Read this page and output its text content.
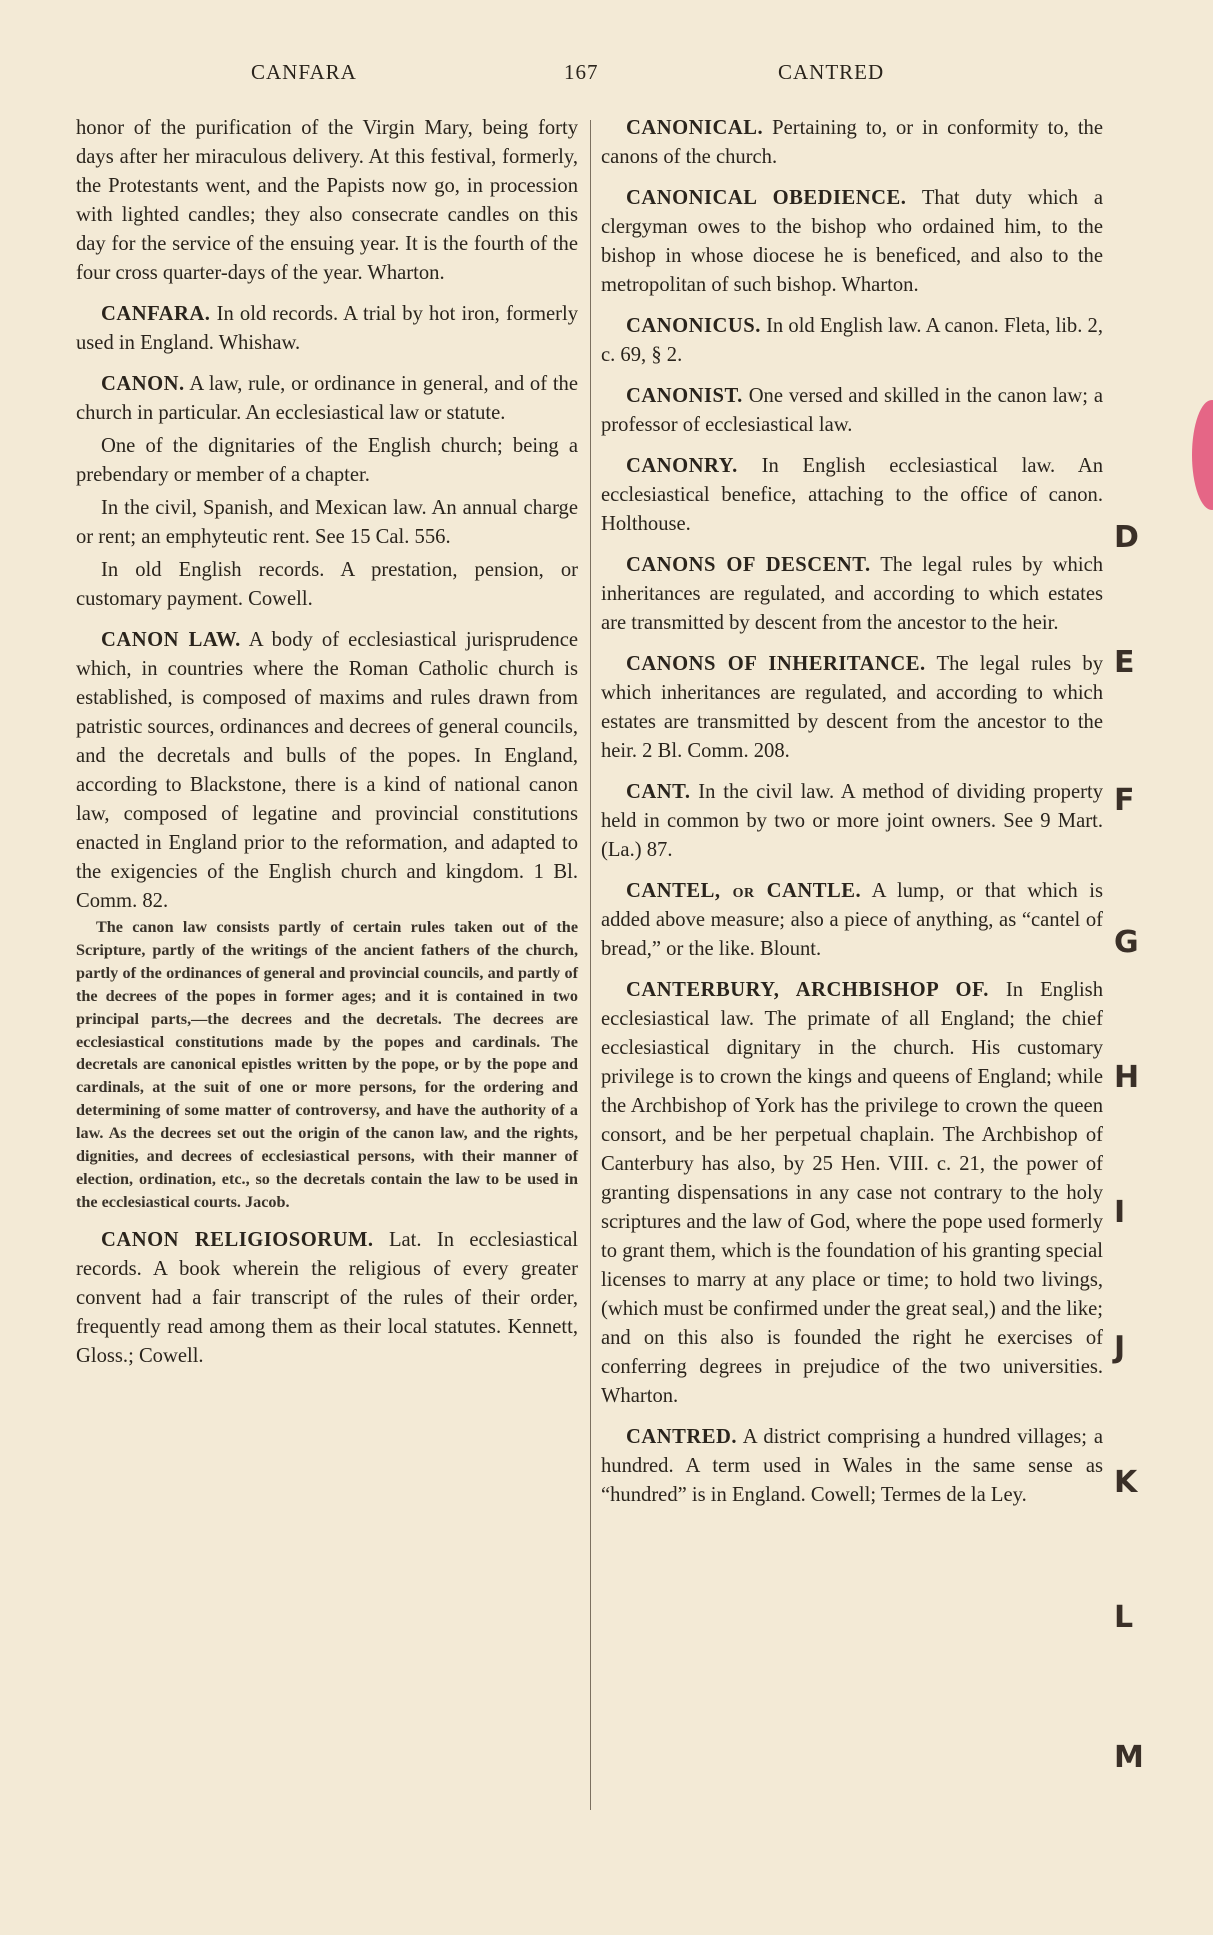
CANFARA	167	CANTRED

honor of the purification of the Virgin Mary, being forty days after her miraculous delivery. At this festival, formerly, the Protestants went, and the Papists now go, in procession with lighted candles; they also consecrate candles on this day for the service of the ensuing year. It is the fourth of the four cross quarter-days of the year. Wharton.

CANFARA. In old records. A trial by hot iron, formerly used in England. Whishaw.

CANON. A law, rule, or ordinance in general, and of the church in particular. An ecclesiastical law or statute.

One of the dignitaries of the English church; being a prebendary or member of a chapter.

In the civil, Spanish, and Mexican law. An annual charge or rent; an emphyteutic rent. See 15 Cal. 556.

In old English records. A prestation, pension, or customary payment. Cowell.

CANON LAW. A body of ecclesiastical jurisprudence which, in countries where the Roman Catholic church is established, is composed of maxims and rules drawn from patristic sources, ordinances and decrees of general councils, and the decretals and bulls of the popes. In England, according to Blackstone, there is a kind of national canon law, composed of legatine and provincial constitutions enacted in England prior to the reformation, and adapted to the exigencies of the English church and kingdom. 1 Bl. Comm. 82.

The canon law consists partly of certain rules taken out of the Scripture, partly of the writings of the ancient fathers of the church, partly of the ordinances of general and provincial councils, and partly of the decrees of the popes in former ages; and it is contained in two principal parts,—the decrees and the decretals. The decrees are ecclesiastical constitutions made by the popes and cardinals. The decretals are canonical epistles written by the pope, or by the pope and cardinals, at the suit of one or more persons, for the ordering and determining of some matter of controversy, and have the authority of a law. As the decrees set out the origin of the canon law, and the rights, dignities, and decrees of ecclesiastical persons, with their manner of election, ordination, etc., so the decretals contain the law to be used in the ecclesiastical courts. Jacob.

CANON RELIGIOSORUM. Lat. In ecclesiastical records. A book wherein the religious of every greater convent had a fair transcript of the rules of their order, frequently read among them as their local statutes. Kennett, Gloss.; Cowell.

CANONICAL. Pertaining to, or in conformity to, the canons of the church.

CANONICAL OBEDIENCE. That duty which a clergyman owes to the bishop who ordained him, to the bishop in whose diocese he is beneficed, and also to the metropolitan of such bishop. Wharton.

CANONICUS. In old English law. A canon. Fleta, lib. 2, c. 69, § 2.

CANONIST. One versed and skilled in the canon law; a professor of ecclesiastical law.

CANONRY. In English ecclesiastical law. An ecclesiastical benefice, attaching to the office of canon. Holthouse.

CANONS OF DESCENT. The legal rules by which inheritances are regulated, and according to which estates are transmitted by descent from the ancestor to the heir.

CANONS OF INHERITANCE. The legal rules by which inheritances are regulated, and according to which estates are transmitted by descent from the ancestor to the heir. 2 Bl. Comm. 208.

CANT. In the civil law. A method of dividing property held in common by two or more joint owners. See 9 Mart. (La.) 87.

CANTEL, or CANTLE. A lump, or that which is added above measure; also a piece of anything, as “cantel of bread,” or the like. Blount.

CANTERBURY, ARCHBISHOP OF. In English ecclesiastical law. The primate of all England; the chief ecclesiastical dignitary in the church. His customary privilege is to crown the kings and queens of England; while the Archbishop of York has the privilege to crown the queen consort, and be her perpetual chaplain. The Archbishop of Canterbury has also, by 25 Hen. VIII. c. 21, the power of granting dispensations in any case not contrary to the holy scriptures and the law of God, where the pope used formerly to grant them, which is the foundation of his granting special licenses to marry at any place or time; to hold two livings, (which must be confirmed under the great seal,) and the like; and on this also is founded the right he exercises of conferring degrees in prejudice of the two universities. Wharton.

CANTRED. A district comprising a hundred villages; a hundred. A term used in Wales in the same sense as “hundred” is in England. Cowell; Termes de la Ley.

D
E
F
G
H
I
J
K
L
M
